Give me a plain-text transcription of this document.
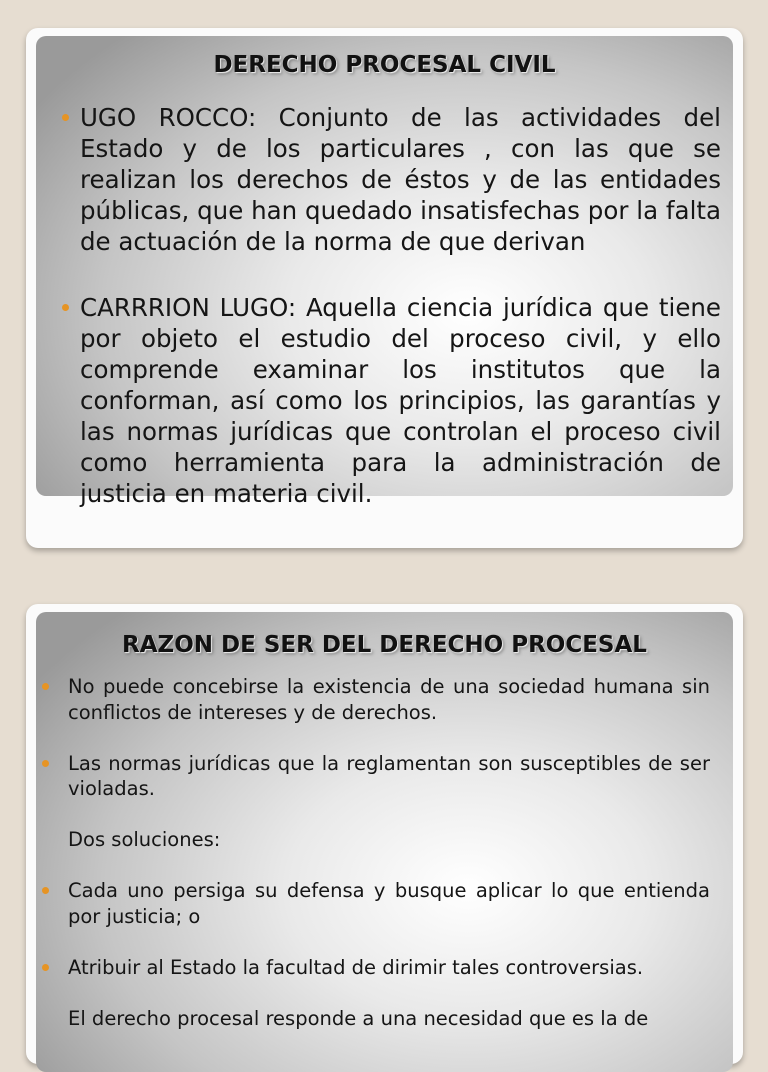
DERECHO PROCESAL CIVIL
UGO ROCCO: Conjunto de las actividades del Estado y de los particulares , con las que se realizan los derechos de éstos y de las entidades públicas, que han quedado insatisfechas por la falta de actuación de la norma de que derivan
CARRRION LUGO: Aquella ciencia jurídica que tiene por objeto el estudio del proceso civil, y ello comprende examinar los institutos que la conforman, así como los principios, las garantías y las normas jurídicas que controlan el proceso civil como herramienta para la administración de justicia en materia civil.
RAZON DE SER DEL DERECHO PROCESAL
No puede concebirse la existencia de una sociedad humana sin conflictos de intereses y de derechos.
Las normas jurídicas que la reglamentan son susceptibles de ser violadas.
Dos soluciones:
Cada uno persiga su defensa y busque aplicar lo que entienda por justicia; o
Atribuir al Estado la facultad de dirimir tales controversias.
El derecho procesal responde a una necesidad que es la de
